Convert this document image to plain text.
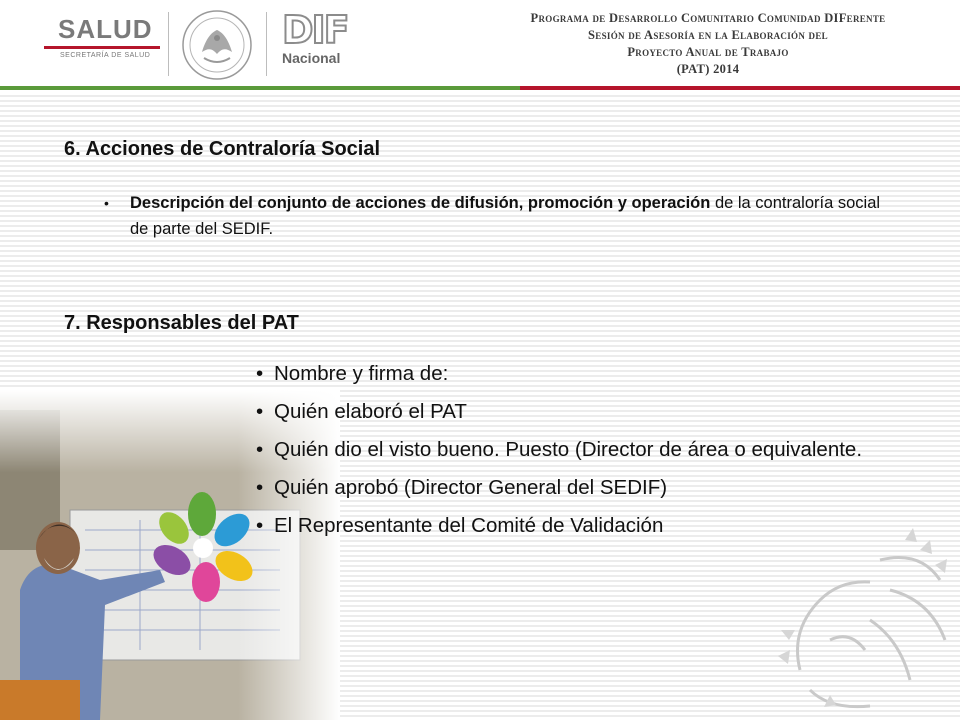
SALUD
SECRETARÍA DE SALUD
DIF
Nacional
Programa de Desarrollo Comunitario Comunidad DIFerente
Sesión de Asesoría en la Elaboración del
Proyecto Anual de Trabajo
(PAT) 2014
6. Acciones de Contraloría Social
• Descripción del conjunto de acciones de difusión, promoción y operación de la contraloría social de parte del SEDIF.
7. Responsables del PAT
• Nombre y firma de:
• Quién elaboró el PAT
• Quién dio el visto bueno. Puesto (Director de área o equivalente.
• Quién aprobó (Director General del SEDIF)
• El Representante del Comité de Validación
